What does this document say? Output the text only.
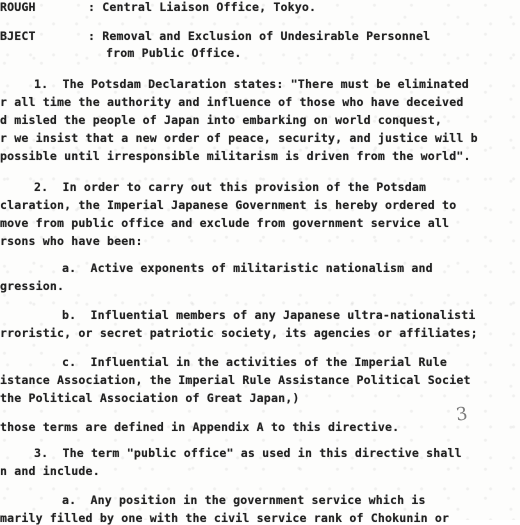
ROUGH	: Central Liaison Office, Tokyo.
BJECT	: Removal and Exclusion of Undesirable Personnel
from Public Office.
1.  The Potsdam Declaration states: "There must be eliminated
r all time the authority and influence of those who have deceived
d misled the people of Japan into embarking on world conquest,
r we insist that a new order of peace, security, and justice will b
possible until irresponsible militarism is driven from the world".
2.  In order to carry out this provision of the Potsdam
claration, the Imperial Japanese Government is hereby ordered to
move from public office and exclude from government service all
rsons who have been:
a.  Active exponents of militaristic nationalism and
gression.
b.  Influential members of any Japanese ultra-nationalisti
rroristic, or secret patriotic society, its agencies or affiliates;
c.  Influential in the activities of the Imperial Rule
istance Association, the Imperial Rule Assistance Political Societ
the Political Association of Great Japan,)
those terms are defined in Appendix A to this directive.
3
3.  The term "public office" as used in this directive shall
n and include.
a.  Any position in the government service which is
marily filled by one with the civil service rank of Chokunin or
